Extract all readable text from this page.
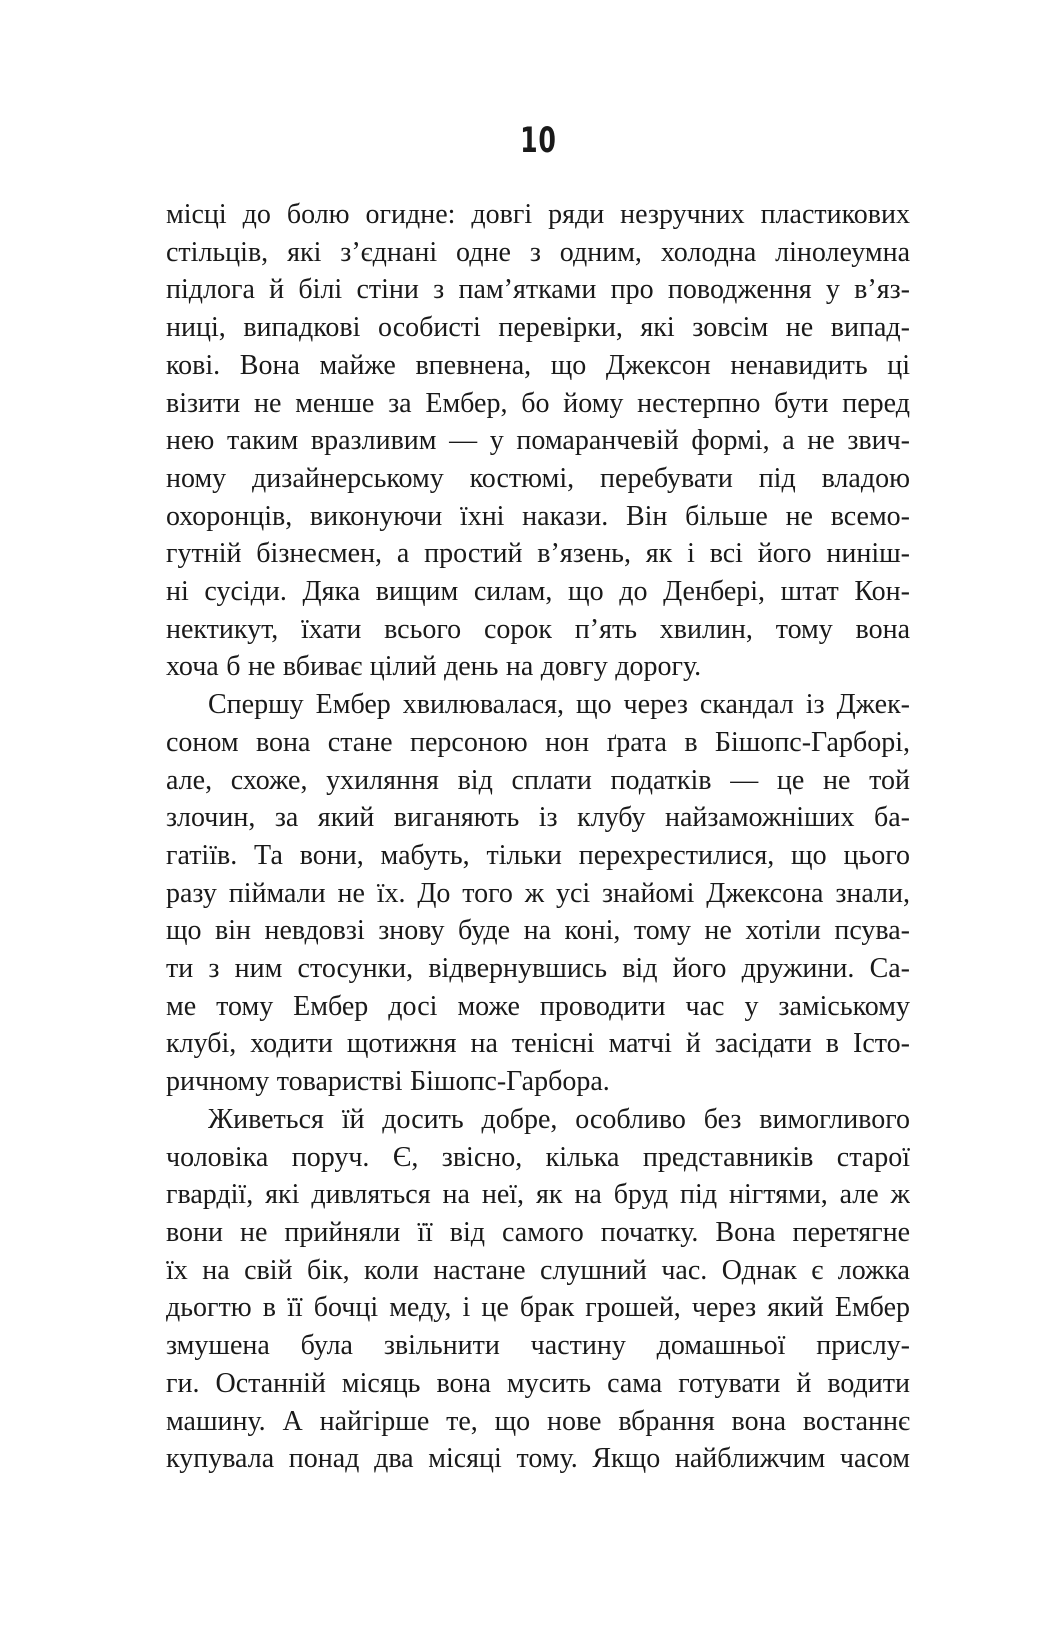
10
місці до болю огидне: довгі ряди незручних пластикових
стільців, які з’єднані одне з одним, холодна лінолеумна
підлога й білі стіни з пам’ятками про поводження у в’яз-
ниці, випадкові особисті перевірки, які зовсім не випад-
кові. Вона майже впевнена, що Джексон ненавидить ці
візити не менше за Ембер, бо йому нестерпно бути перед
нею таким вразливим — у помаранчевій формі, а не звич-
ному дизайнерському костюмі, перебувати під владою
охоронців, виконуючи їхні накази. Він більше не всемо-
гутній бізнесмен, а простий в’язень, як і всі його нинiш-
ні сусіди. Дяка вищим силам, що до Денбері, штат Кон-
нектикут, їхати всього сорок п’ять хвилин, тому вона
хоча б не вбиває цілий день на довгу дорогу.
Спершу Ембер хвилювалася, що через скандал із Джек-
соном вона стане персоною нон ґрата в Бішопс-Гарборі,
але, схоже, ухиляння від сплати податків — це не той
злочин, за який виганяють із клубу найзаможніших ба-
гатіїв. Та вони, мабуть, тільки перехрестилися, що цього
разу піймали не їх. До того ж усі знайомі Джексона знали,
що він невдовзі знову буде на коні, тому не хотіли псува-
ти з ним стосунки, відвернувшись від його дружини. Са-
ме тому Ембер досі може проводити час у заміському
клубі, ходити щотижня на тенісні матчі й засідати в Істо-
ричному товаристві Бішопс-Гарбора.
Живеться їй досить добре, особливо без вимогливого
чоловіка поруч. Є, звісно, кілька представників старої
гвардії, які дивляться на неї, як на бруд під нігтями, але ж
вони не прийняли її від самого початку. Вона перетягне
їх на свій бік, коли настане слушний час. Однак є ложка
дьогтю в її бочці меду, і це брак грошей, через який Ембер
змушена була звільнити частину домашньої прислу-
ги. Останній місяць вона мусить сама готувати й водити
машину. А найгірше те, що нове вбрання вона востаннє
купувала понад два місяці тому. Якщо найближчим часом
